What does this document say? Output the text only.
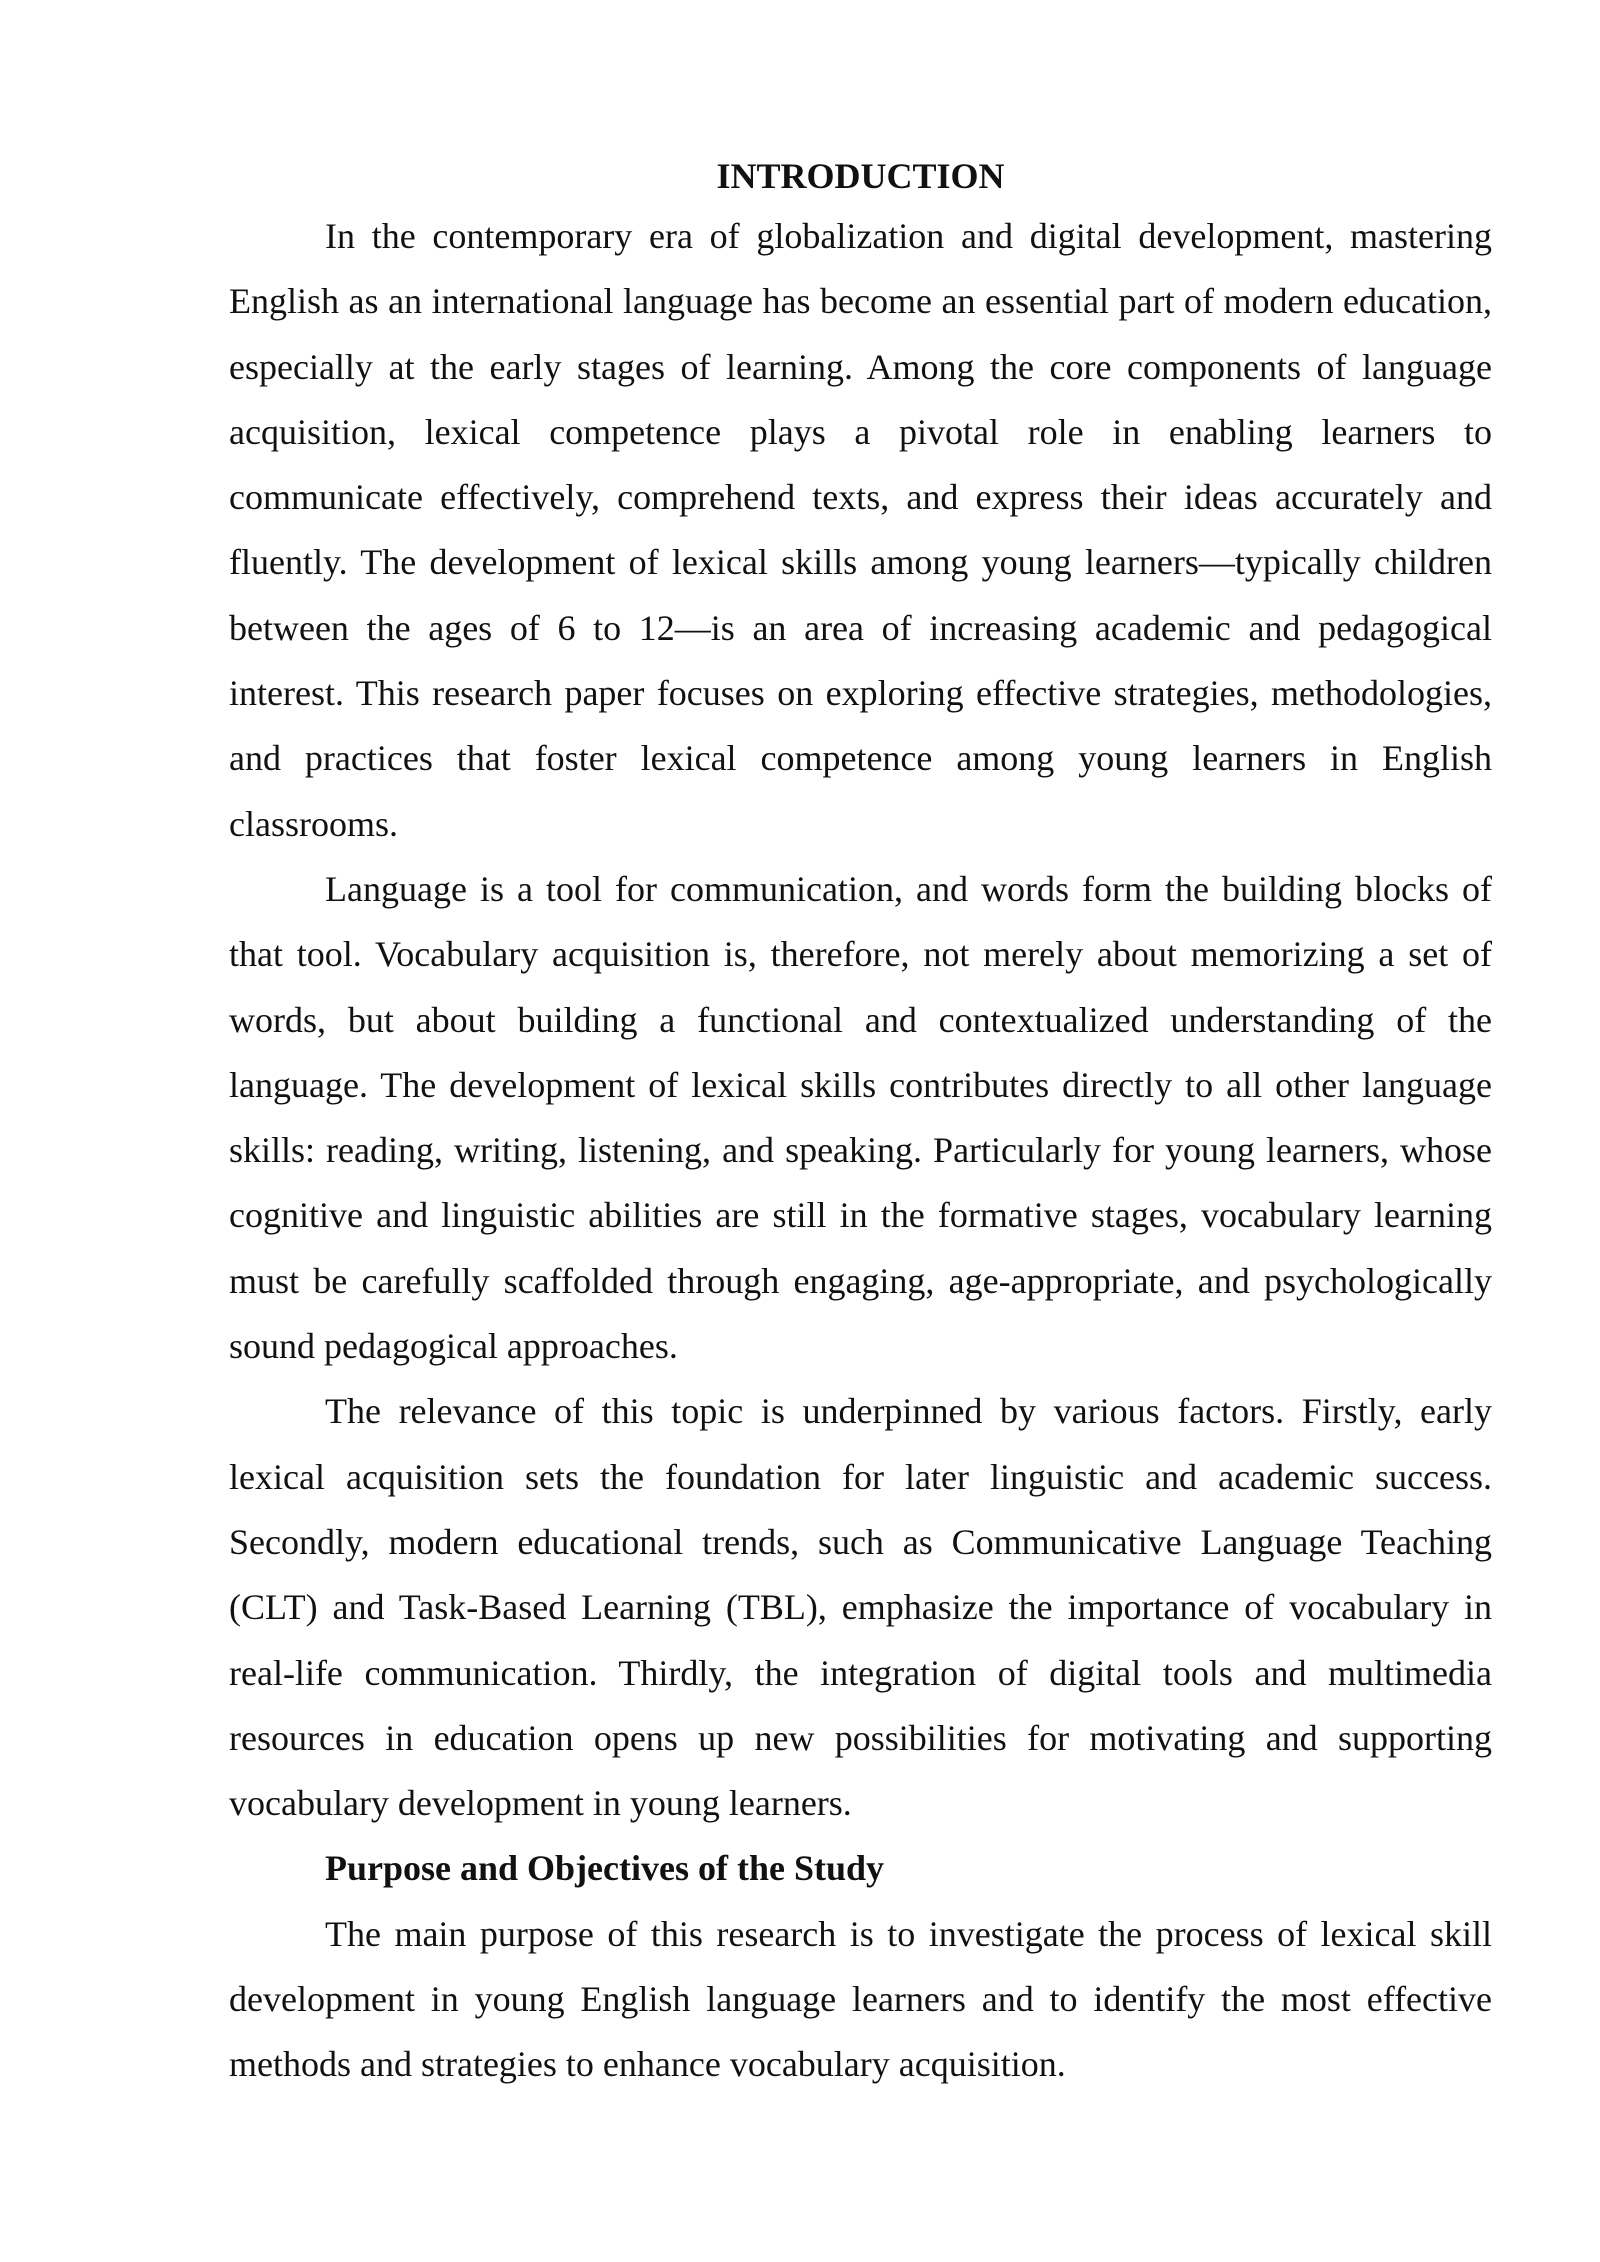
INTRODUCTION

In the contemporary era of globalization and digital development, mastering English as an international language has become an essential part of modern education, especially at the early stages of learning. Among the core components of language acquisition, lexical competence plays a pivotal role in enabling learners to communicate effectively, comprehend texts, and express their ideas accurately and fluently. The development of lexical skills among young learners—typically children between the ages of 6 to 12—is an area of increasing academic and pedagogical interest. This research paper focuses on exploring effective strategies, methodologies, and practices that foster lexical competence among young learners in English classrooms.

Language is a tool for communication, and words form the building blocks of that tool. Vocabulary acquisition is, therefore, not merely about memorizing a set of words, but about building a functional and contextualized understanding of the language. The development of lexical skills contributes directly to all other language skills: reading, writing, listening, and speaking. Particularly for young learners, whose cognitive and linguistic abilities are still in the formative stages, vocabulary learning must be carefully scaffolded through engaging, age-appropriate, and psychologically sound pedagogical approaches.

The relevance of this topic is underpinned by various factors. Firstly, early lexical acquisition sets the foundation for later linguistic and academic success. Secondly, modern educational trends, such as Communicative Language Teaching (CLT) and Task-Based Learning (TBL), emphasize the importance of vocabulary in real-life communication. Thirdly, the integration of digital tools and multimedia resources in education opens up new possibilities for motivating and supporting vocabulary development in young learners.

Purpose and Objectives of the Study

The main purpose of this research is to investigate the process of lexical skill development in young English language learners and to identify the most effective methods and strategies to enhance vocabulary acquisition.
